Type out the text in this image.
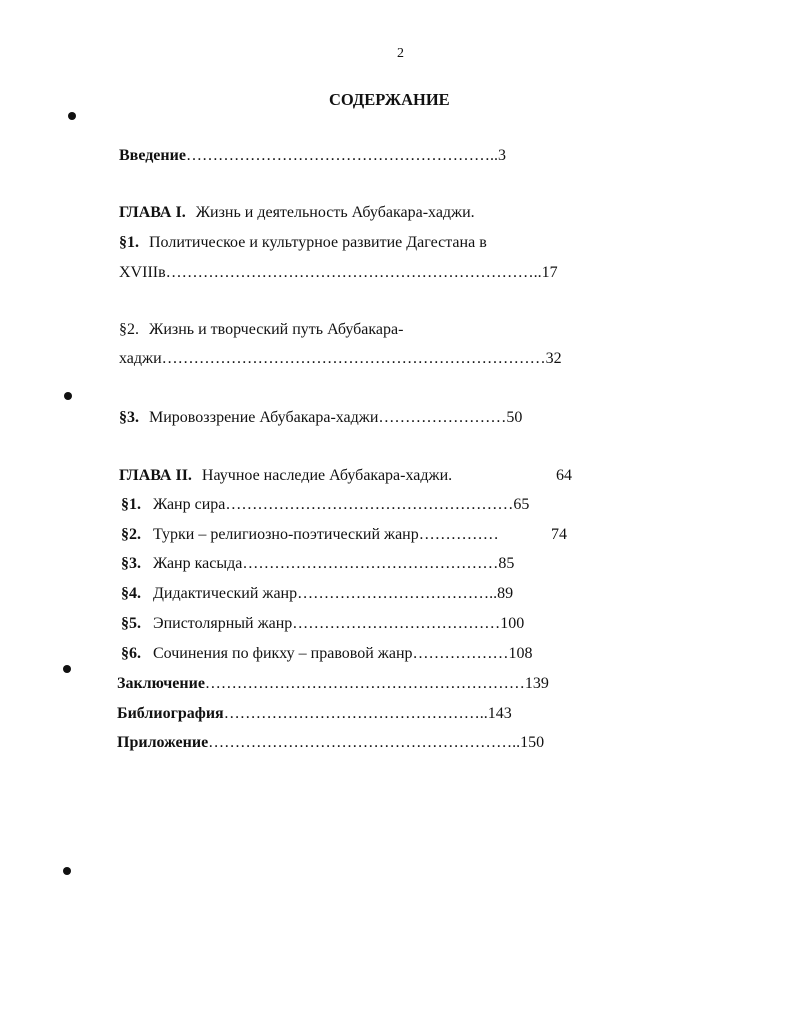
2
СОДЕРЖАНИЕ
Введение…………………………………………………..3
ГЛАВА I. Жизнь и деятельность Абубакара-хаджи.
§1. Политическое и культурное развитие Дагестана в
XVIIIв……………………………………………………………..17
§2. Жизнь и творческий путь Абубакара-
хаджи………………………………………………………………32
§3. Мировоззрение Абубакара-хаджи……………………50
ГЛАВА II. Научное наследие Абубакара-хаджи.	64
§1. Жанр сира………………………………………………65
§2. Турки – религиозно-поэтический жанр……………	74
§3. Жанр касыда…………………………………………85
§4. Дидактический жанр………………………………..89
§5. Эпистолярный жанр…………………………………100
§6. Сочинения по фикху – правовой жанр………………108
Заключение……………………………………………………139
Библиография…………………………………………..143
Приложение…………………………………………………..150
